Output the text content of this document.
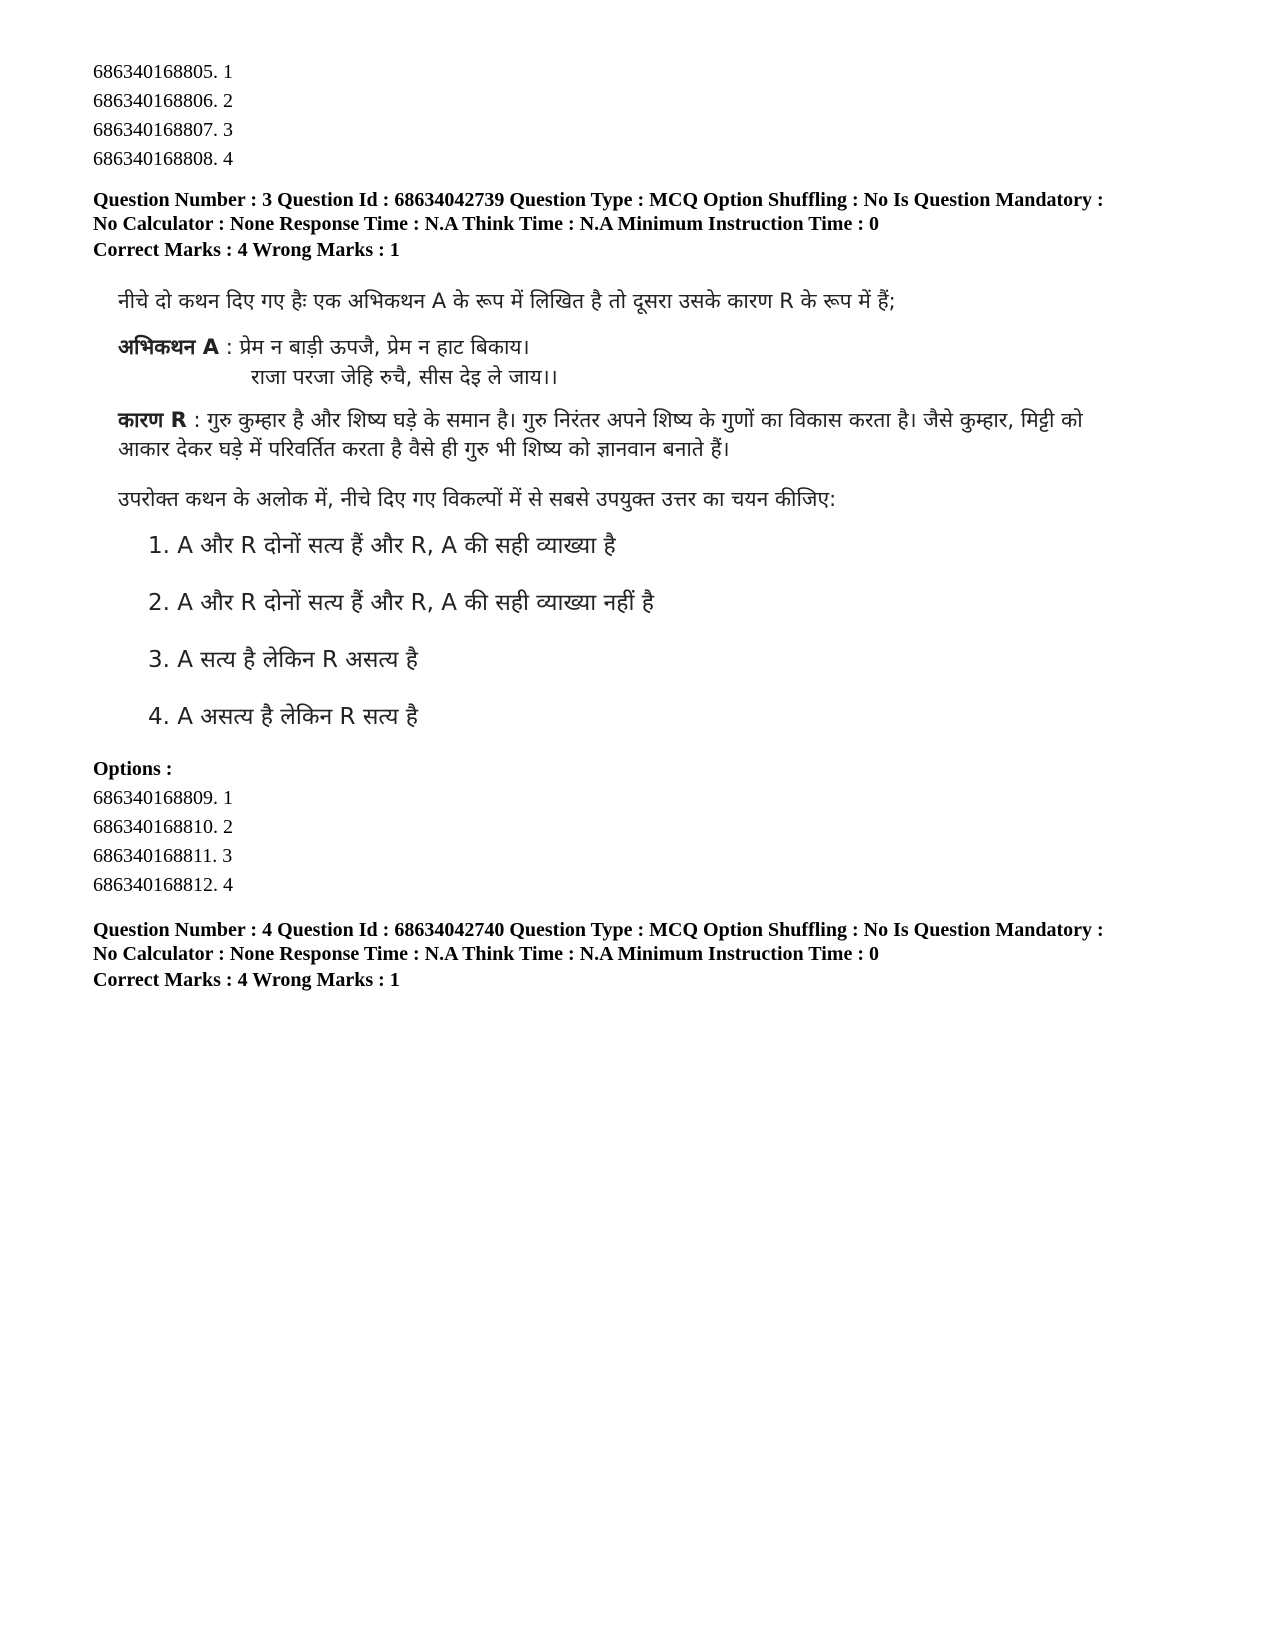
686340168805. 1

686340168806. 2

686340168807. 3

686340168808. 4

Question Number : 3 Question Id : 68634042739 Question Type : MCQ Option Shuffling : No Is Question Mandatory :

No Calculator : None Response Time : N.A Think Time : N.A Minimum Instruction Time : 0

Correct Marks : 4 Wrong Marks : 1

नीचे दो कथन दिए गए हैः एक अभिकथन A के रूप में लिखित है तो दूसरा उसके कारण R के रूप में हैं;

अभिकथन A : प्रेम न बाड़ी ऊपजै, प्रेम न हाट बिकाय।
राजा परजा जेहि रुचै, सीस देइ ले जाय।।
कारण R : गुरु कुम्हार है और शिष्य घड़े के समान है। गुरु निरंतर अपने शिष्य के गुणों का विकास करता है। जैसे कुम्हार, मिट्टी को
आकार देकर घड़े में परिवर्तित करता है वैसे ही गुरु भी शिष्य को ज्ञानवान बनाते हैं।

उपरोक्त कथन के अलोक में, नीचे दिए गए विकल्पों में से सबसे उपयुक्त उत्तर का चयन कीजिए:

1. A और R दोनों सत्य हैं और R, A की सही व्याख्या है

2. A और R दोनों सत्य हैं और R, A की सही व्याख्या नहीं है

3. A सत्य है लेकिन R असत्य है

4. A असत्य है लेकिन R सत्य है

Options :

686340168809. 1

686340168810. 2

686340168811. 3

686340168812. 4

Question Number : 4 Question Id : 68634042740 Question Type : MCQ Option Shuffling : No Is Question Mandatory :

No Calculator : None Response Time : N.A Think Time : N.A Minimum Instruction Time : 0

Correct Marks : 4 Wrong Marks : 1
